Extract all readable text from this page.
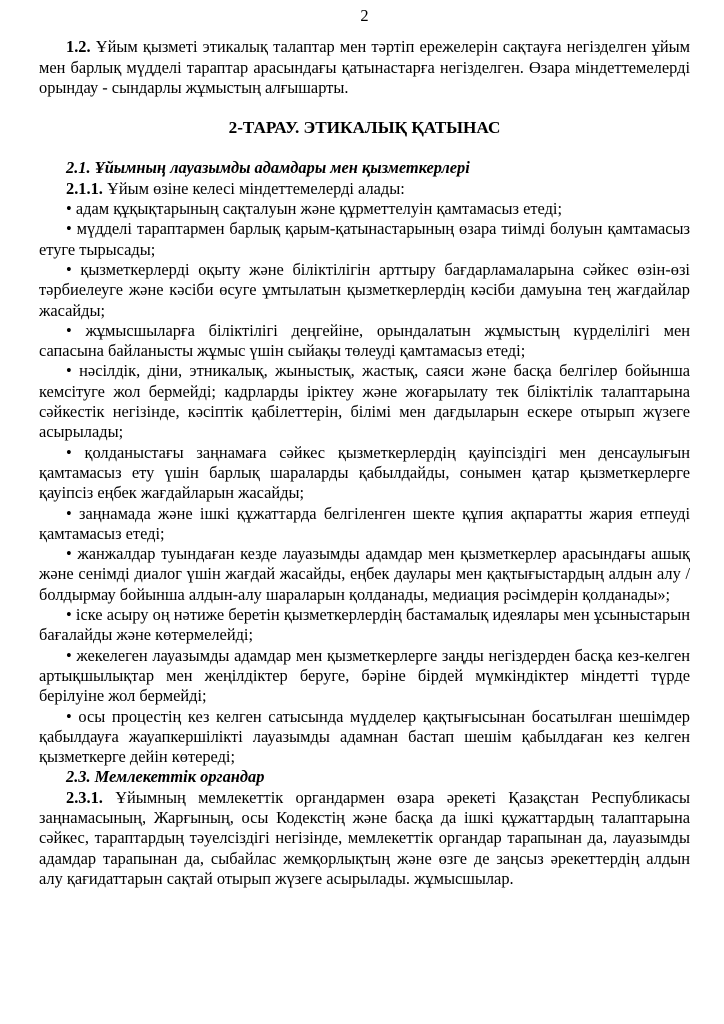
2

1.2. Ұйым қызметі этикалық талаптар мен тәртіп ережелерін сақтауға негізделген ұйым мен барлық мүдделі тараптар арасындағы қатынастарға негізделген. Өзара міндеттемелерді орындау - сындарлы жұмыстың алғышарты.

2-ТАРАУ. ЭТИКАЛЫҚ ҚАТЫНАС
2.1. Ұйымның лауазымды адамдары мен қызметкерлері

2.1.1. Ұйым өзіне келесі міндеттемелерді алады:

• адам құқықтарының сақталуын және құрметтелуін қамтамасыз етеді;

• мүдделі тараптармен барлық қарым-қатынастарының өзара тиімді болуын қамтамасыз етуге тырысады;

• қызметкерлерді оқыту және біліктілігін арттыру бағдарламаларына сәйкес өзін-өзі тәрбиелеуге және кәсіби өсуге ұмтылатын қызметкерлердің кәсіби дамуына тең жағдайлар жасайды;

• жұмысшыларға біліктілігі деңгейіне, орындалатын жұмыстың күрделілігі мен сапасына байланысты жұмыс үшін сыйақы төлеуді қамтамасыз етеді;

• нәсілдік, діни, этникалық, жыныстық, жастық, саяси және басқа белгілер бойынша кемсітуге жол бермейді; кадрларды іріктеу және жоғарылату тек біліктілік талаптарына сәйкестік негізінде, кәсіптік қабілеттерін, білімі мен дағдыларын ескере отырып жүзеге асырылады;

• қолданыстағы заңнамаға сәйкес қызметкерлердің қауіпсіздігі мен денсаулығын қамтамасыз ету үшін барлық шараларды қабылдайды, сонымен қатар қызметкерлерге қауіпсіз еңбек жағдайларын жасайды;

• заңнамада және ішкі құжаттарда белгіленген шекте құпия ақпаратты жария етпеуді қамтамасыз етеді;

• жанжалдар туындаған кезде лауазымды адамдар мен қызметкерлер арасындағы ашық және сенімді диалог үшін жағдай жасайды, еңбек даулары мен қақтығыстардың алдын алу / болдырмау бойынша алдын-алу шараларын қолданады, медиация рәсімдерін қолданады»;

• іске асыру оң нәтиже беретін қызметкерлердің бастамалық идеялары мен ұсыныстарын бағалайды және көтермелейді;

• жекелеген лауазымды адамдар мен қызметкерлерге заңды негіздерден басқа кез-келген артықшылықтар мен жеңілдіктер беруге, бәріне бірдей мүмкіндіктер міндетті түрде берілуіне жол бермейді;

• осы процестің кез келген сатысында мүдделер қақтығысынан босатылған шешімдер қабылдауға жауапкершілікті лауазымды адамнан бастап шешім қабылдаған кез келген қызметкерге дейін көтереді;

2.3. Мемлекеттік органдар

2.3.1. Ұйымның мемлекеттік органдармен өзара әрекеті Қазақстан Республикасы заңнамасының, Жарғының, осы Кодекстің және басқа да ішкі құжаттардың талаптарына сәйкес, тараптардың тәуелсіздігі негізінде, мемлекеттік органдар тарапынан да, лауазымды адамдар тарапынан да, сыбайлас жемқорлықтың және өзге де заңсыз әрекеттердің алдын алу қағидаттарын сақтай отырып жүзеге асырылады. жұмысшылар.
